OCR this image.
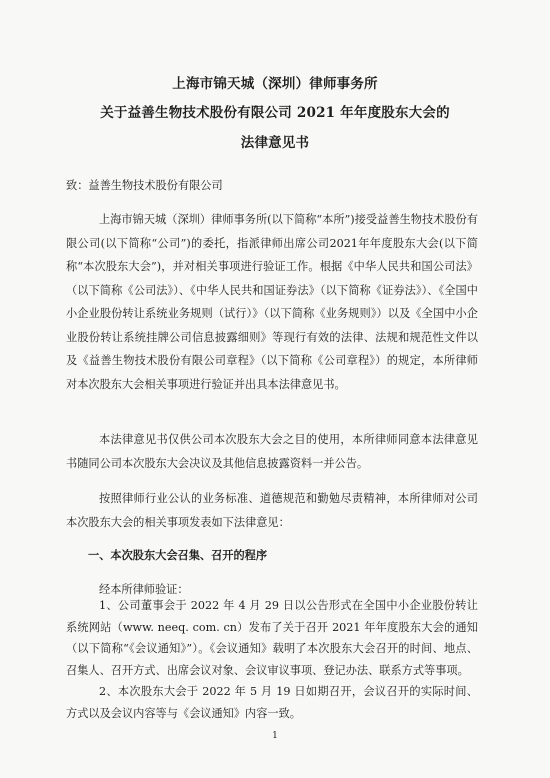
上海市锦天城（深圳）律师事务所
关于益善生物技术股份有限公司 2021 年年度股东大会的
法律意见书
致：益善生物技术股份有限公司
上海市锦天城（深圳）律师事务所(以下简称“本所”)接受益善生物技术股份有限公司(以下简称“公司”)的委托，指派律师出席公司2021年年度股东大会(以下简称“本次股东大会”)，并对相关事项进行验证工作。根据《中华人民共和国公司法》（以下简称《公司法》）、《中华人民共和国证券法》（以下简称《证券法》）、《全国中小企业股份转让系统业务规则（试行）》（以下简称《业务规则》）以及《全国中小企业股份转让系统挂牌公司信息披露细则》等现行有效的法律、法规和规范性文件以及《益善生物技术股份有限公司章程》（以下简称《公司章程》）的规定，本所律师对本次股东大会相关事项进行验证并出具本法律意见书。
本法律意见书仅供公司本次股东大会之目的使用，本所律师同意本法律意见书随同公司本次股东大会决议及其他信息披露资料一并公告。
按照律师行业公认的业务标准、道德规范和勤勉尽责精神，本所律师对公司本次股东大会的相关事项发表如下法律意见：
一、本次股东大会召集、召开的程序
经本所律师验证：
1、公司董事会于 2022 年 4 月 29 日以公告形式在全国中小企业股份转让系统网站（www. neeq. com. cn）发布了关于召开 2021 年年度股东大会的通知（以下简称“《会议通知》”）。《会议通知》载明了本次股东大会召开的时间、地点、召集人、召开方式、出席会议对象、会议审议事项、登记办法、联系方式等事项。
2、本次股东大会于 2022 年 5 月 19 日如期召开，会议召开的实际时间、方式以及会议内容等与《会议通知》内容一致。
1
